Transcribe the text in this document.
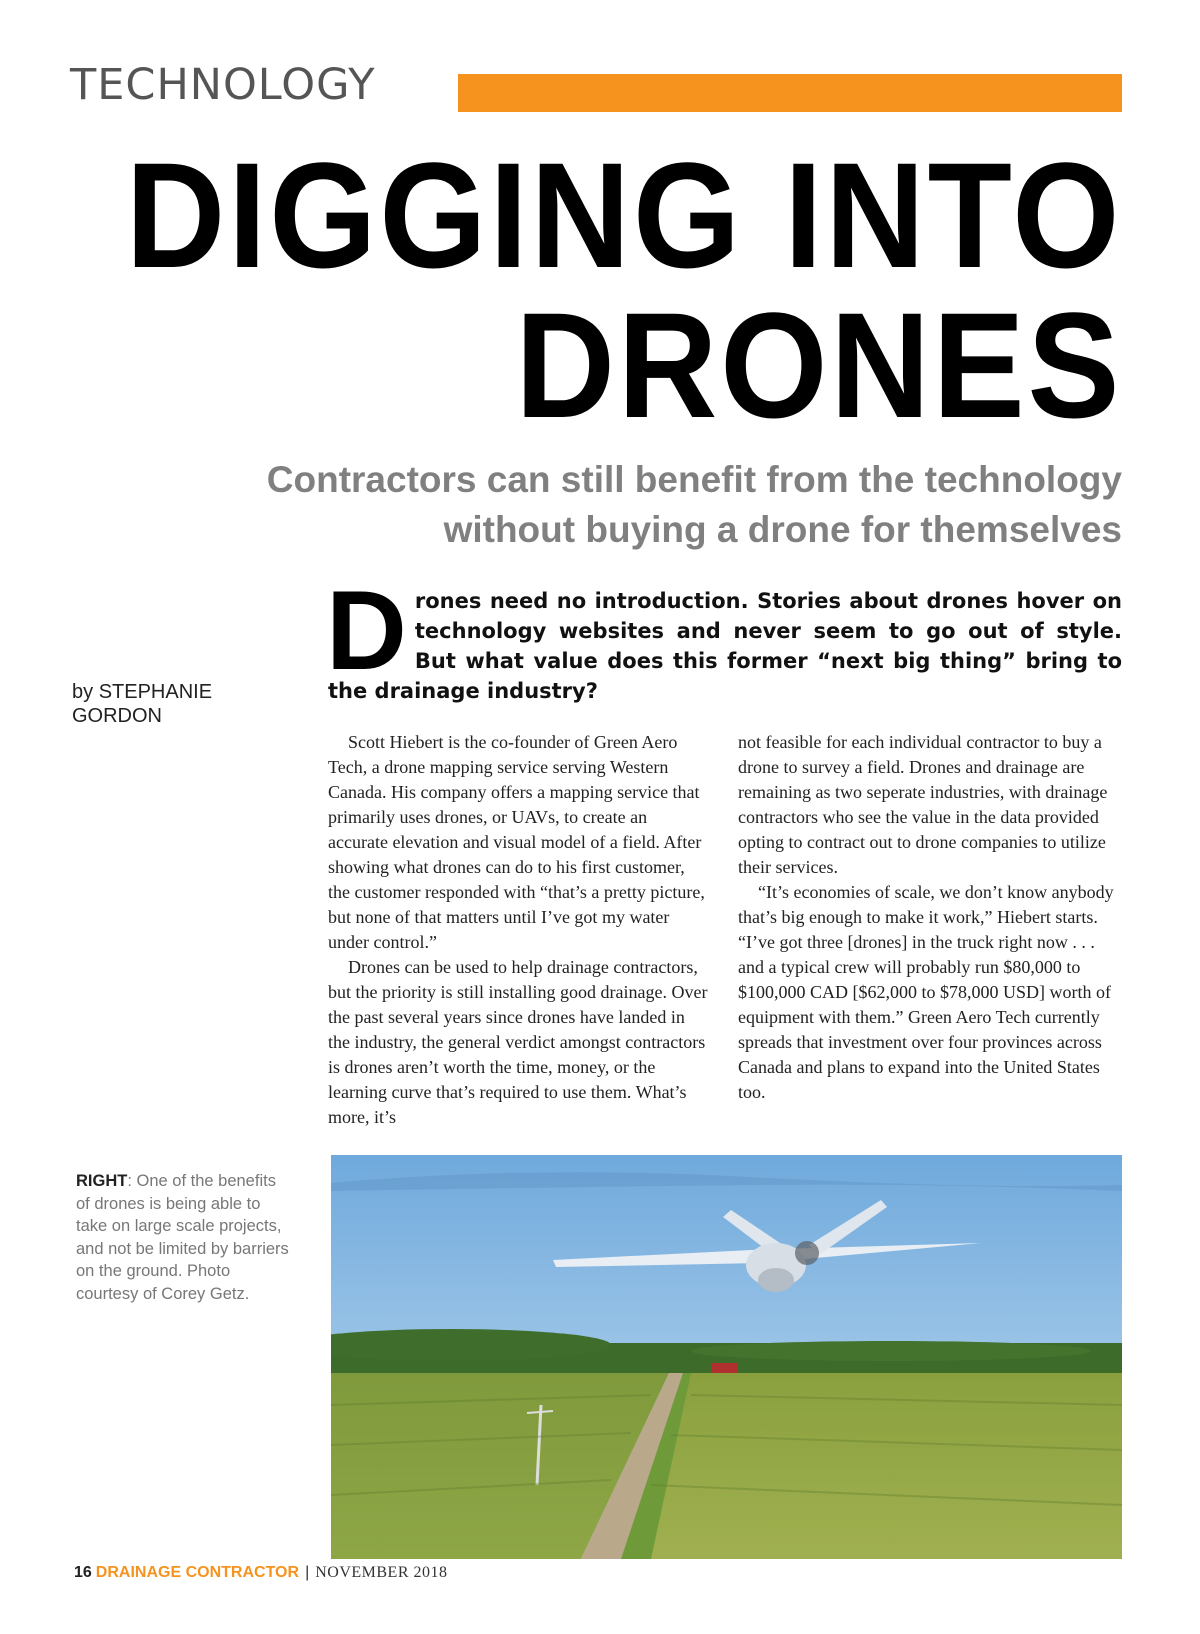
TECHNOLOGY
DIGGING INTO
DRONES

Contractors can still benefit from the technology without buying a drone for themselves

by STEPHANIE GORDON
Drones need no introduction. Stories about drones hover on technology websites and never seem to go out of style. But what value does this former “next big thing” bring to the drainage industry?

Scott Hiebert is the co-founder of Green Aero Tech, a drone mapping service serving Western Canada. His company offers a mapping service that primarily uses drones, or UAVs, to create an accurate elevation and visual model of a field. After showing what drones can do to his first customer, the customer responded with “that’s a pretty picture, but none of that matters until I’ve got my water under control.”

Drones can be used to help drainage contractors, but the priority is still installing good drainage. Over the past several years since drones have landed in the industry, the general verdict amongst contractors is drones aren’t worth the time, money, or the learning curve that’s required to use them. What’s more, it’s

not feasible for each individual contractor to buy a drone to survey a field. Drones and drainage are remaining as two seperate industries, with drainage contractors who see the value in the data provided opting to contract out to drone companies to utilize their services.

“It’s economies of scale, we don’t know anybody that’s big enough to make it work,” Hiebert starts. “I’ve got three [drones] in the truck right now . . . and a typical crew will probably run $80,000 to $100,000 CAD [$62,000 to $78,000 USD] worth of equipment with them.” Green Aero Tech currently spreads that investment over four provinces across Canada and plans to expand into the United States too.

RIGHT: One of the benefits of drones is being able to take on large scale projects, and not be limited by barriers on the ground. Photo courtesy of Corey Getz.
16 DRAINAGE CONTRACTOR | NOVEMBER 2018
